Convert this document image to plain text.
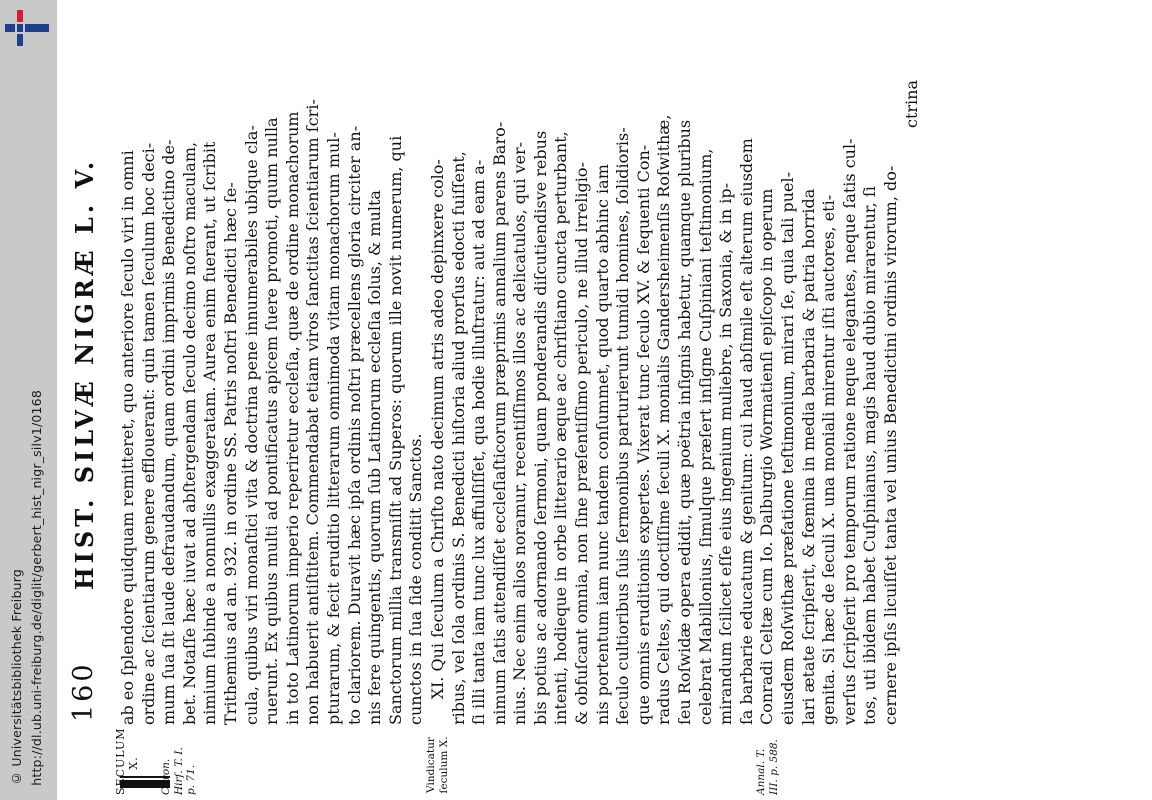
http://dl.ub.uni-freiburg.de/diglit/gerbert_hist_nigr_silv1/0168
© Universitätsbibliothek Freiburg 160
HIST. SILVÆ NIGRÆ L. V.
SECULUM X. Chron. Hirſ. T. I. p. 71.	Vindicatur ſeculum X.	Annal. T. III. p. 588.
ab eo ſplendore quidquam remitteret, quo anteriore ſeculo viri in omni ordine ac ſcientiarum genere efflouerant: quin tamen ſeculum hoc deci- mum ſua ſit laude defraudandum, quam ordini imprimis Benedictino de- bet. Notaſſe hæc iuvat ad abſtergendam ſeculo decimo noſtro maculam, nimium ſubinde a nonnullis exaggeratam. Aurea enim fuerant, ut ſcribit Trithemius ad an. 932. in ordine SS. Patris noſtri Benedicti hæc ſe- cula, quibus viri monaſtici vita & doctrina pene innumerabiles ubique cla- ruerunt. Ex quibus multi ad pontificatus apicem ſuere promoti, quum nulla in toto Latinorum imperio reperiretur eccleſia, quæ de ordine monachorum non habuerit antiſtitem. Commendabat etiam viros ſanctitas ſcientiarum ſcri- pturarum, & fecit eruditio litterarum omnimoda vitam monachorum mul- to clariorem. Duravit hæc ipſa ordinis noſtri præcellens gloria circiter an- nis fere quingentis, quorum ſub Latinorum eccleſia ſolus, & multa Sanctorum millia transmiſit ad Superos: quorum ille novit numerum, qui cunctos in ſua ſide conditit Sanctos. XI. Qui ſeculum a Chriſto nato decimum atris adeo depinxere colo- ribus, vel ſola ordinis S. Benedicti hiſtoria aliud prorſus edocti fuiſſent, ſi illi tanta iam tunc lux affulſiſſet, qua hodie illuſtratur: aut ad eam a- nimum ſatis attendiſſet eccleſiaſticorum præprimis annalium parens Baro- nius. Nec enim alios noramur, recentiſſimos illos ac delicatulos, qui ver- bis potius ac adornando ſermoni, quam ponderandis diſcutiendisve rebus intenti, hodieque in orbe litterario æque ac chriſtiano cuncta perturbant, & obfuſcant omnia, non ſine præſentiſſimo periculo, ne illud irreligio- nis portentum iam nunc tandem conſummet, quod quarto abhinc iam ſeculo cultioribus ſuis ſermonibus parturierunt tumidi homines, ſolidioris- que omnis eruditionis expertes. Vixerat tunc ſeculo XV. & ſequenti Con- radus Celtes, qui doctiſſime ſeculi X. monialis Gandersheimenſis Roſwithæ, ſeu Roſwidæ opera edidit, quæ poëtria inſignis habetur, quamque pluribus celebrat Mabillonius, ſimulque præſert inſigne Cuſpiniani teſtimonium, mirandum ſcilicet eſſe eius ingenium muliebre, in Saxonia, & in ip- ſa barbarie educatum & genitum: cui haud abſimile eſt alterum eiusdem Conradi Celtæ cum Io. Dalburgio Wormatienſi epiſcopo in operum eiusdem Roſwithæ præfatione teſtimonium, mirari ſe, quia tali puel- lari ætate ſcripſerit, & fœmina in media barbaria & patria horrida genita. Si hæc de ſeculi X. una moniali mirentur iſti auctores, eti- verſus ſcripſerit pro temporum ratione neque elegantes, neque ſatis cul- tos, uti ibidem habet Cuſpinianus, magis haud dubio mirarentur, ſi cernere ipſis licuiſſet tanta vel unius Benedictini ordinis virorum, do-
ctrina
